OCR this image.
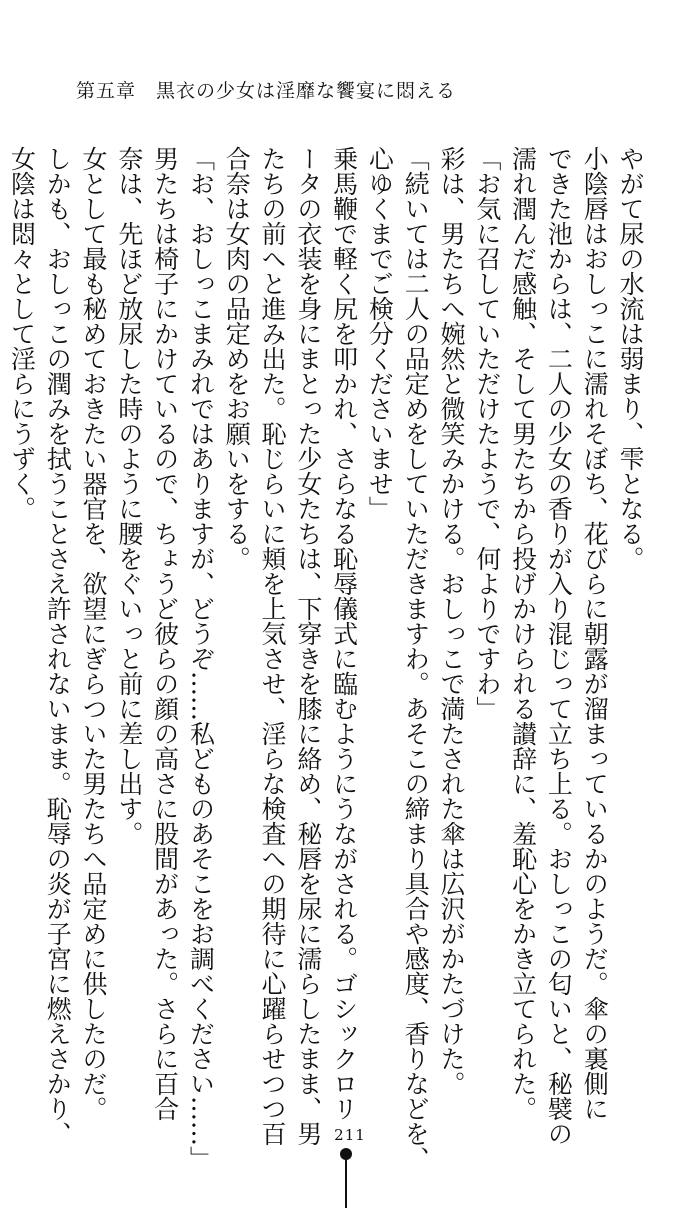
第五章　黒衣の少女は淫靡な饗宴に悶える

やがて尿の水流は弱まり、雫となる。

小陰唇はおしっこに濡れそぼち、花びらに朝露が溜まっているかのようだ。傘の裏側に

できた池からは、二人の少女の香りが入り混じって立ち上る。おしっこの匂いと、秘襞の

濡れ潤んだ感触、そして男たちから投げかけられる讃辞に、羞恥心をかき立てられた。

「お気に召していただけたようで、何よりですわ」

彩は、男たちへ婉然と微笑みかける。おしっこで満たされた傘は広沢がかたづけた。

「続いては二人の品定めをしていただきますわ。あそこの締まり具合や感度、香りなどを、

心ゆくまでご検分くださいませ」

乗馬鞭で軽く尻を叩かれ、さらなる恥辱儀式に臨むようにうながされる。ゴシックロリ

ータの衣装を身にまとった少女たちは、下穿きを膝に絡め、秘唇を尿に濡らしたまま、男

たちの前へと進み出た。恥じらいに頬を上気させ、淫らな検査への期待に心躍らせつつ百

合奈は女肉の品定めをお願いをする。

「お、おしっこまみれではありますが、どうぞ……私どものあそこをお調べください……」

男たちは椅子にかけているので、ちょうど彼らの顔の高さに股間があった。さらに百合

奈は、先ほど放尿した時のように腰をぐいっと前に差し出す。

女として最も秘めておきたい器官を、欲望にぎらついた男たちへ品定めに供したのだ。

しかも、おしっこの潤みを拭うことさえ許されないまま。恥辱の炎が子宮に燃えさかり、

女陰は悶々として淫らにうずく。

211
